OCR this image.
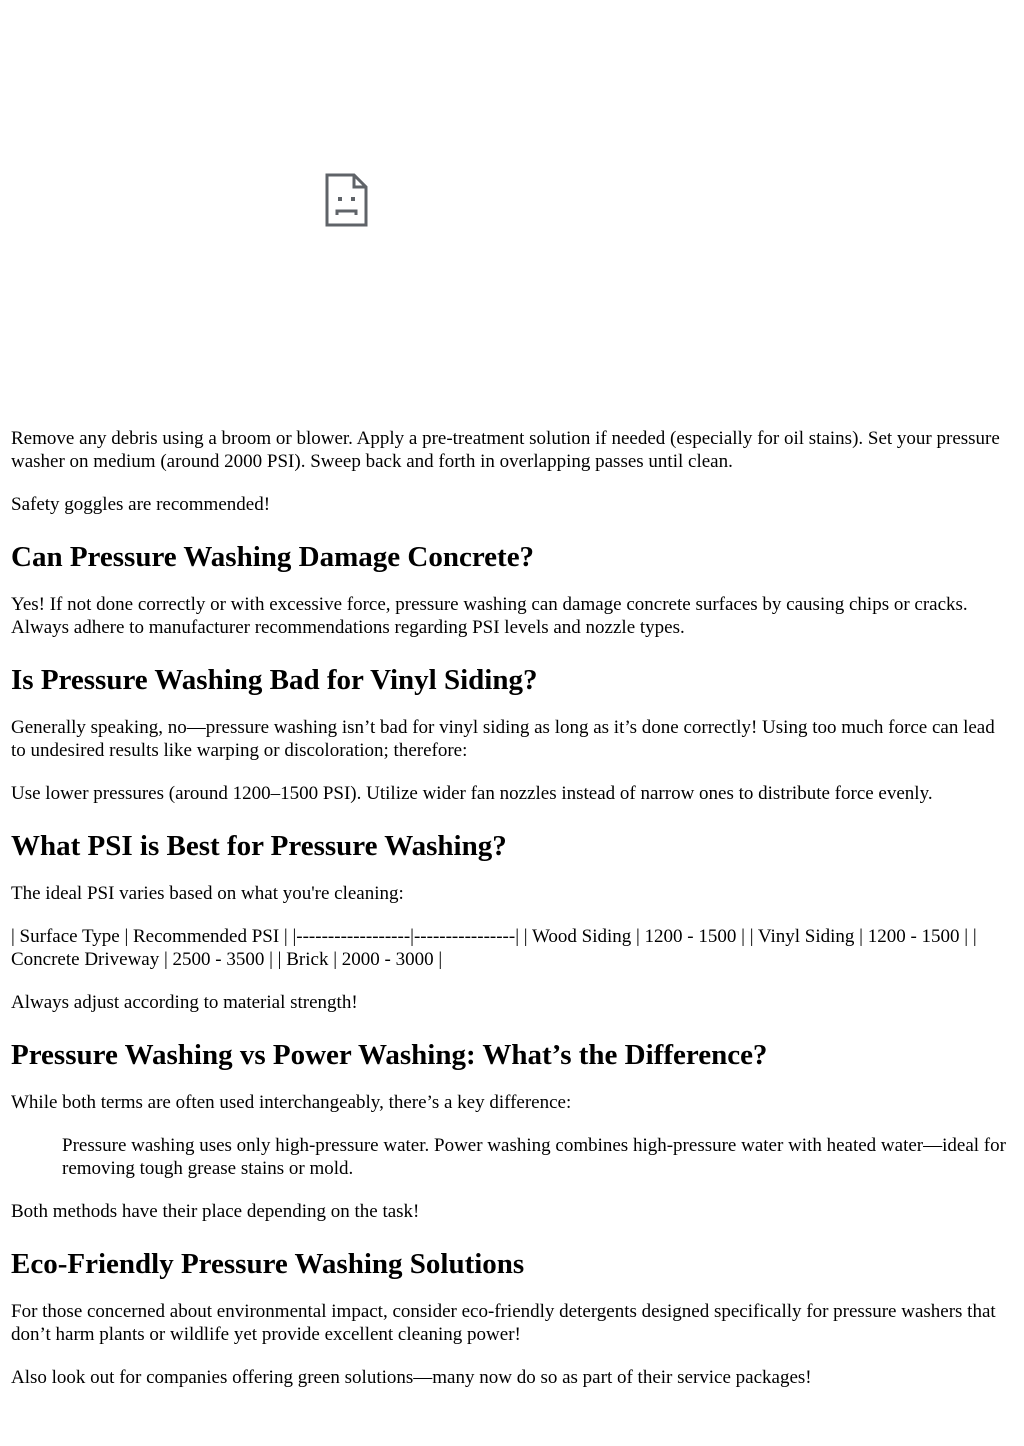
Remove any debris using a broom or blower. Apply a pre-treatment solution if needed (especially for oil stains). Set your pressure washer on medium (around 2000 PSI). Sweep back and forth in overlapping passes until clean.

Safety goggles are recommended!

Can Pressure Washing Damage Concrete?

Yes! If not done correctly or with excessive force, pressure washing can damage concrete surfaces by causing chips or cracks. Always adhere to manufacturer recommendations regarding PSI levels and nozzle types.

Is Pressure Washing Bad for Vinyl Siding?

Generally speaking, no—pressure washing isn’t bad for vinyl siding as long as it’s done correctly! Using too much force can lead to undesired results like warping or discoloration; therefore:

Use lower pressures (around 1200–1500 PSI). Utilize wider fan nozzles instead of narrow ones to distribute force evenly.

What PSI is Best for Pressure Washing?

The ideal PSI varies based on what you're cleaning:

| Surface Type | Recommended PSI | |------------------|----------------| | Wood Siding | 1200 - 1500 | | Vinyl Siding | 1200 - 1500 | | Concrete Driveway | 2500 - 3500 | | Brick | 2000 - 3000 |

Always adjust according to material strength!

Pressure Washing vs Power Washing: What’s the Difference?

While both terms are often used interchangeably, there’s a key difference:

Pressure washing uses only high-pressure water. Power washing combines high-pressure water with heated water—ideal for removing tough grease stains or mold.

Both methods have their place depending on the task!

Eco-Friendly Pressure Washing Solutions

For those concerned about environmental impact, consider eco-friendly detergents designed specifically for pressure washers that don’t harm plants or wildlife yet provide excellent cleaning power!

Also look out for companies offering green solutions—many now do so as part of their service packages!
